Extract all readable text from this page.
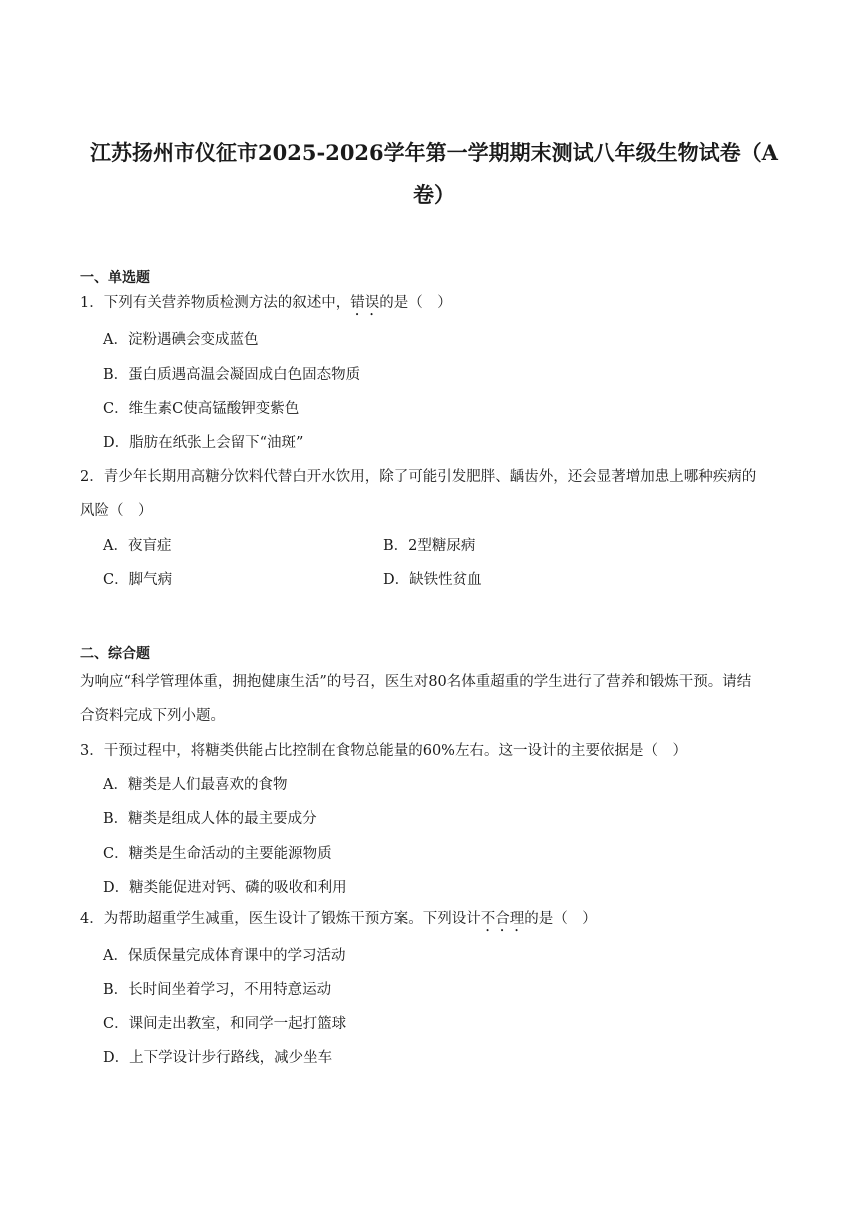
江苏扬州市仪征市2025-2026学年第一学期期末测试八年级生物试卷（A
卷）
一、单选题
1．下列有关营养物质检测方法的叙述中，错误的是（　）
A．淀粉遇碘会变成蓝色
B．蛋白质遇高温会凝固成白色固态物质
C．维生素C使高锰酸钾变紫色
D．脂肪在纸张上会留下“油斑”
2．青少年长期用高糖分饮料代替白开水饮用，除了可能引发肥胖、龋齿外，还会显著增加患上哪种疾病的
风险（　）
A．夜盲症	B．2型糖尿病
C．脚气病	D．缺铁性贫血
二、综合题
为响应“科学管理体重，拥抱健康生活”的号召，医生对80名体重超重的学生进行了营养和锻炼干预。请结
合资料完成下列小题。
3．干预过程中，将糖类供能占比控制在食物总能量的60%左右。这一设计的主要依据是（　）
A．糖类是人们最喜欢的食物
B．糖类是组成人体的最主要成分
C．糖类是生命活动的主要能源物质
D．糖类能促进对钙、磷的吸收和利用
4．为帮助超重学生减重，医生设计了锻炼干预方案。下列设计不合理的是（　）
A．保质保量完成体育课中的学习活动
B．长时间坐着学习，不用特意运动
C．课间走出教室，和同学一起打篮球
D．上下学设计步行路线，减少坐车
